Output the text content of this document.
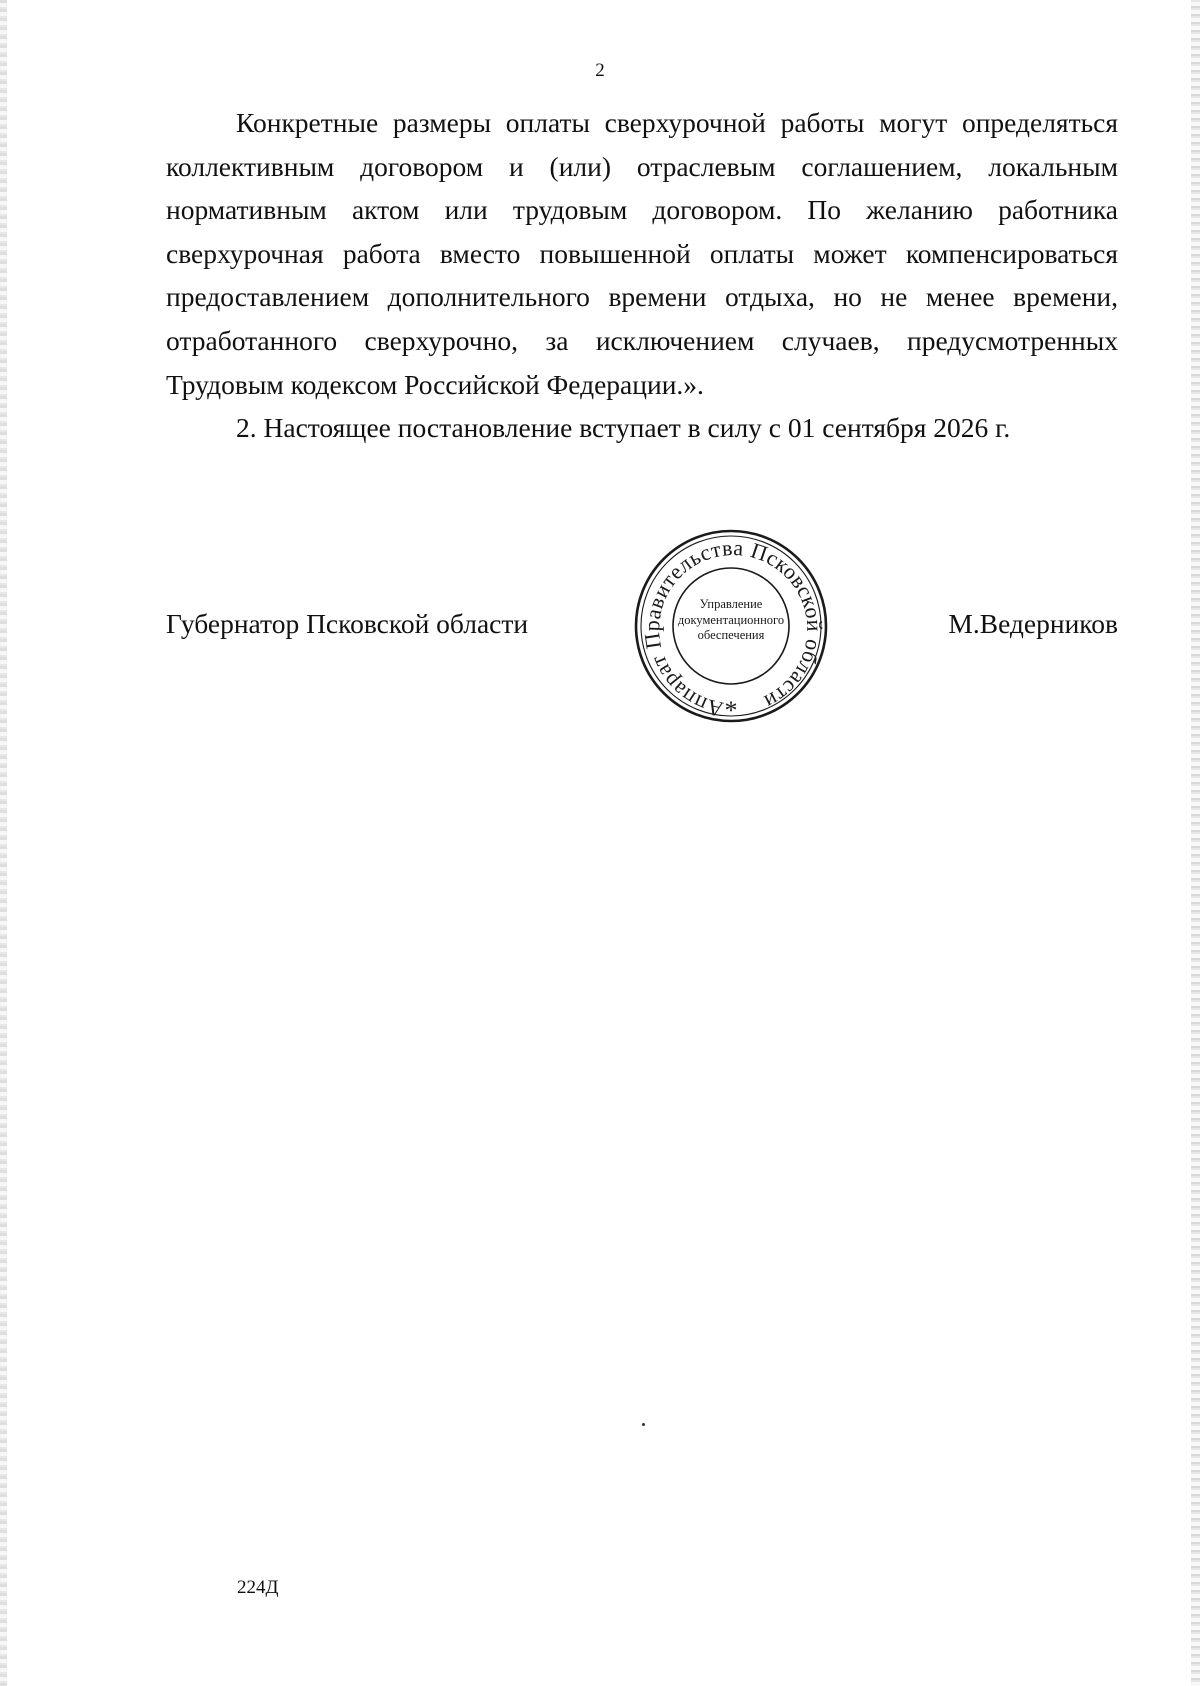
2

Конкретные размеры оплаты сверхурочной работы могут определяться коллективным договором и (или) отраслевым соглашением, локальным нормативным актом или трудовым договором. По желанию работника сверхурочная работа вместо повышенной оплаты может компенсироваться предоставлением дополнительного времени отдыха, но не менее времени, отработанного сверхурочно, за исключением случаев, предусмотренных Трудовым кодексом Российской Федерации.».

2. Настоящее постановление вступает в силу с 01 сентября 2026 г.

Губернатор Псковской области
Аппарат Правительства Псковской области
Управление
документационного
обеспечения
*
М.Ведерников
224Д
